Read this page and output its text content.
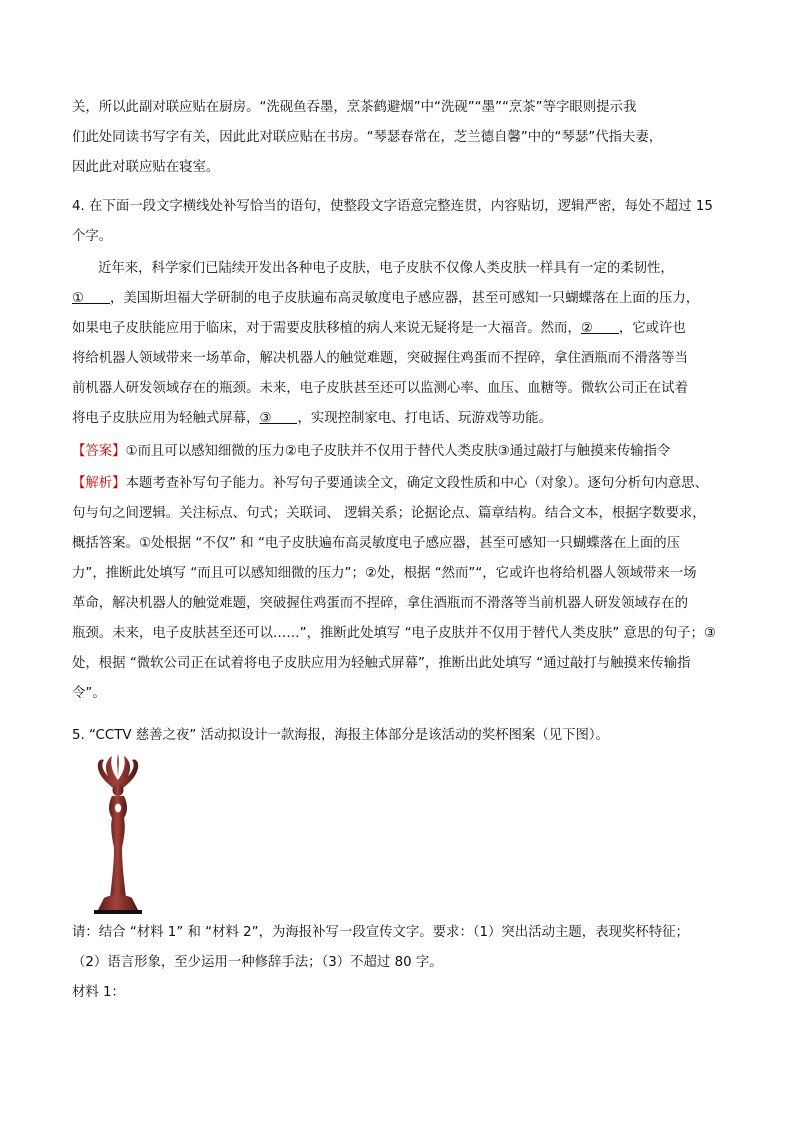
关，所以此副对联应贴在厨房。“洗砚鱼吞墨，烹茶鹤避烟”中“洗砚”“墨”“烹茶”等字眼则提示我
们此处同读书写字有关，因此此对联应贴在书房。“琴瑟春常在，芝兰德自馨”中的“琴瑟”代指夫妻，
因此此对联应贴在寝室。
4. 在下面一段文字横线处补写恰当的语句，使整段文字语意完整连贯，内容贴切，逻辑严密，每处不超过 15
个字。
近年来，科学家们已陆续开发出各种电子皮肤，电子皮肤不仅像人类皮肤一样具有一定的柔韧性，
① ，美国斯坦福大学研制的电子皮肤遍布高灵敏度电子感应器，甚至可感知一只蝴蝶落在上面的压力，
如果电子皮肤能应用于临床，对于需要皮肤移植的病人来说无疑将是一大福音。然而，② ，它或许也
将给机器人领域带来一场革命，解决机器人的触觉难题，突破握住鸡蛋而不捏碎，拿住酒瓶而不滑落等当
前机器人研发领域存在的瓶颈。未来，电子皮肤甚至还可以监测心率、血压、血糖等。微软公司正在试着
将电子皮肤应用为轻触式屏幕，③ ，实现控制家电、打电话、玩游戏等功能。
【答案】①而且可以感知细微的压力②电子皮肤并不仅用于替代人类皮肤③通过敲打与触摸来传输指令
【解析】本题考查补写句子能力。补写句子要通读全文，确定文段性质和中心（对象）。逐句分析句内意思、
句与句之间逻辑。关注标点、句式；关联词、 逻辑关系；论据论点、篇章结构。结合文本，根据字数要求，
概括答案。①处根据 “不仅” 和 “电子皮肤遍布高灵敏度电子感应器，甚至可感知一只蝴蝶落在上面的压
力”，推断此处填写 “而且可以感知细微的压力”；②处，根据 “然而”“，它或许也将给机器人领域带来一场
革命，解决机器人的触觉难题，突破握住鸡蛋而不捏碎，拿住酒瓶而不滑落等当前机器人研发领域存在的
瓶颈。未来，电子皮肤甚至还可以……”，推断此处填写 “电子皮肤并不仅用于替代人类皮肤” 意思的句子；③
处，根据 “微软公司正在试着将电子皮肤应用为轻触式屏幕”，推断出此处填写 “通过敲打与触摸来传输指
令”。
5. “CCTV 慈善之夜” 活动拟设计一款海报，海报主体部分是该活动的奖杯图案（见下图）。
请：结合 “材料 1” 和 “材料 2”，为海报补写一段宣传文字。要求：（1）突出活动主题，表现奖杯特征；
（2）语言形象，至少运用一种修辞手法；（3）不超过 80 字。
材料 1：
